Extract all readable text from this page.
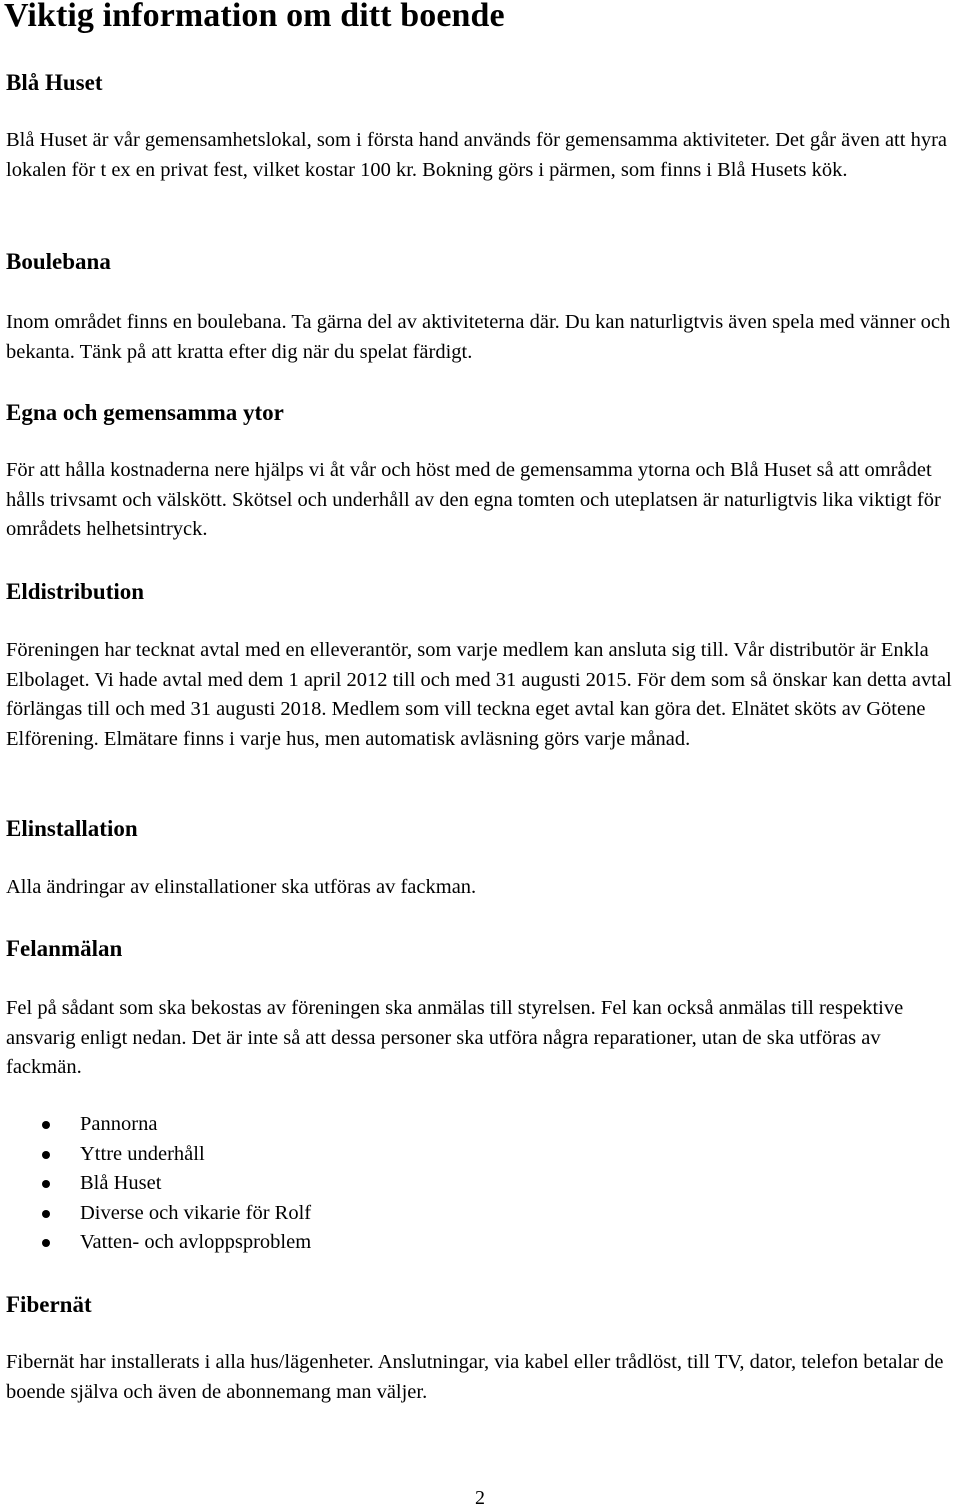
Viktig information om ditt boende
Blå Huset

Blå Huset är vår gemensamhetslokal, som i första hand används för gemensamma aktiviteter. Det går även att hyra lokalen för t ex en privat fest, vilket kostar 100 kr. Bokning görs i pärmen, som finns i Blå Husets kök.

Boulebana

Inom området finns en boulebana. Ta gärna del av aktiviteterna där. Du kan naturligtvis även spela med vänner och bekanta. Tänk på att kratta efter dig när du spelat färdigt.

Egna och gemensamma ytor

För att hålla kostnaderna nere hjälps vi åt vår och höst med de gemensamma ytorna och Blå Huset så att området hålls trivsamt och välskött. Skötsel och underhåll av den egna tomten och uteplatsen är naturligtvis lika viktigt för områdets helhetsintryck.

Eldistribution

Föreningen har tecknat avtal med en elleverantör, som varje medlem kan ansluta sig till. Vår distributör är Enkla Elbolaget. Vi hade avtal med dem 1 april 2012 till och med 31 augusti 2015. För dem som så önskar kan detta avtal förlängas till och med 31 augusti 2018. Medlem som vill teckna eget avtal kan göra det. Elnätet sköts av Götene Elförening. Elmätare finns i varje hus, men automatisk avläsning görs varje månad.

Elinstallation

Alla ändringar av elinstallationer ska utföras av fackman.

Felanmälan

Fel på sådant som ska bekostas av föreningen ska anmälas till styrelsen. Fel kan också anmälas till respektive ansvarig enligt nedan. Det är inte så att dessa personer ska utföra några reparationer, utan de ska utföras av fackmän.

Pannorna
Yttre underhåll
Blå Huset
Diverse och vikarie för Rolf
Vatten- och avloppsproblem
Fibernät

Fibernät har installerats i alla hus/lägenheter. Anslutningar, via kabel eller trådlöst, till TV, dator, telefon betalar de boende själva och även de abonnemang man väljer.

2
